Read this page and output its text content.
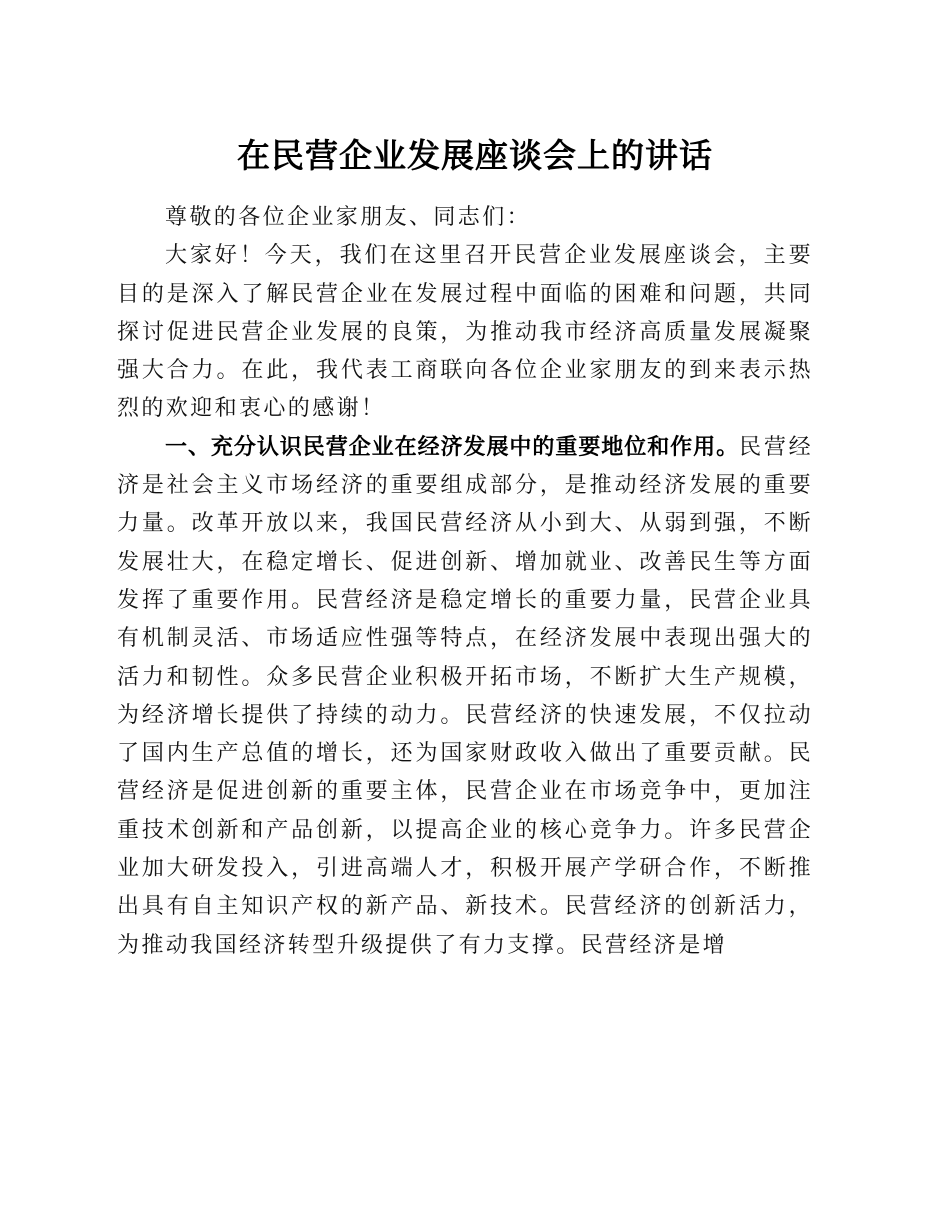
在民营企业发展座谈会上的讲话

尊敬的各位企业家朋友、同志们：

大家好！今天，我们在这里召开民营企业发展座谈会，主要目的是深入了解民营企业在发展过程中面临的困难和问题，共同探讨促进民营企业发展的良策，为推动我市经济高质量发展凝聚强大合力。在此，我代表工商联向各位企业家朋友的到来表示热烈的欢迎和衷心的感谢！

一、充分认识民营企业在经济发展中的重要地位和作用。民营经济是社会主义市场经济的重要组成部分，是推动经济发展的重要力量。改革开放以来，我国民营经济从小到大、从弱到强，不断发展壮大，在稳定增长、促进创新、增加就业、改善民生等方面发挥了重要作用。民营经济是稳定增长的重要力量，民营企业具有机制灵活、市场适应性强等特点，在经济发展中表现出强大的活力和韧性。众多民营企业积极开拓市场，不断扩大生产规模，为经济增长提供了持续的动力。民营经济的快速发展，不仅拉动了国内生产总值的增长，还为国家财政收入做出了重要贡献。民营经济是促进创新的重要主体，民营企业在市场竞争中，更加注重技术创新和产品创新，以提高企业的核心竞争力。许多民营企业加大研发投入，引进高端人才，积极开展产学研合作，不断推出具有自主知识产权的新产品、新技术。民营经济的创新活力，为推动我国经济转型升级提供了有力支撑。民营经济是增
